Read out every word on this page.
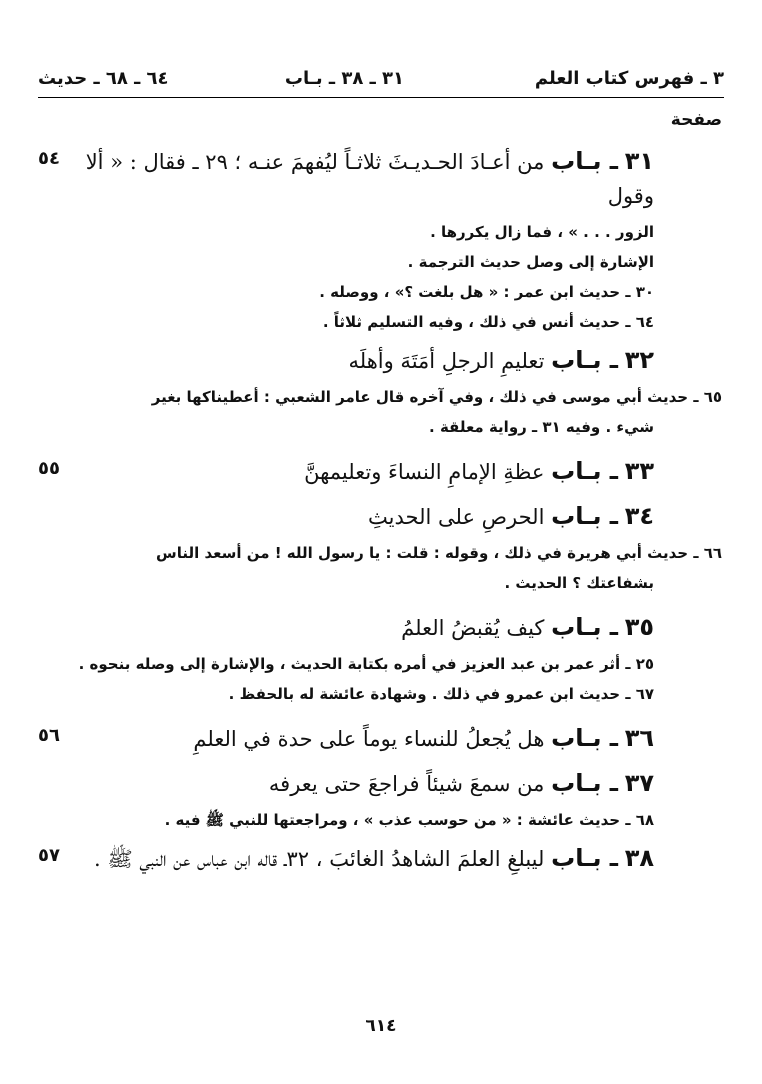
٣ ـ فهرس كتاب العلم
٣١ ـ ٣٨ ـ بـاب
٦٤ ـ ٦٨ ـ حديث
صفحة
٥٤	٣١ ـ بـاب من أعـادَ الحـديـثَ ثلاثـاً ليُفهمَ عنـه ؛ ٢٩ ـ فقال : « ألا وقول
الزور . . . » ، فما زال يكررها .
الإشارة إلى وصل حديث الترجمة .
٣٠ ـ حديث ابن عمر : « هل بلغت ؟» ، ووصله .
٦٤ ـ حديث أنس في ذلك ، وفيه التسليم ثلاثاً .
٣٢ ـ بـاب تعليمِ الرجلِ أمَتَهَ وأهلَه
٦٥ ـ حديث أبي موسى في ذلك ، وفي آخره قال عامر الشعبي : أعطيناكها بغير
شيء . وفيه ٣١ ـ رواية معلقة .
٥٥	٣٣ ـ بـاب عظةِ الإمامِ النساءَ وتعليمهنَّ
٣٤ ـ بـاب الحرصِ على الحديثِ
٦٦ ـ حديث أبي هريرة في ذلك ، وقوله : قلت : يا رسول الله ! من أسعد الناس
بشفاعتك ؟ الحديث .
٣٥ ـ بـاب كيف يُقبضُ العلمُ
٢٥ ـ أثر عمر بن عبد العزيز في أمره بكتابة الحديث ، والإشارة إلى وصله بنحوه .
٦٧ ـ حديث ابن عمرو في ذلك . وشهادة عائشة له بالحفظ .
٥٦	٣٦ ـ بـاب هل يُجعلُ للنساء يوماً على حدة في العلمِ
٣٧ ـ بـاب من سمعَ شيئاً فراجعَ حتى يعرفه
٦٨ ـ حديث عائشة : « من حوسب عذب » ، ومراجعتها للنبي ﷺ فيه .
٥٧	٣٨ ـ بـاب ليبلغِ العلمَ الشاهدُ الغائبَ ، ٣٢ـ قاله ابن عباس عن النبي ﷺ .
٦١٤
